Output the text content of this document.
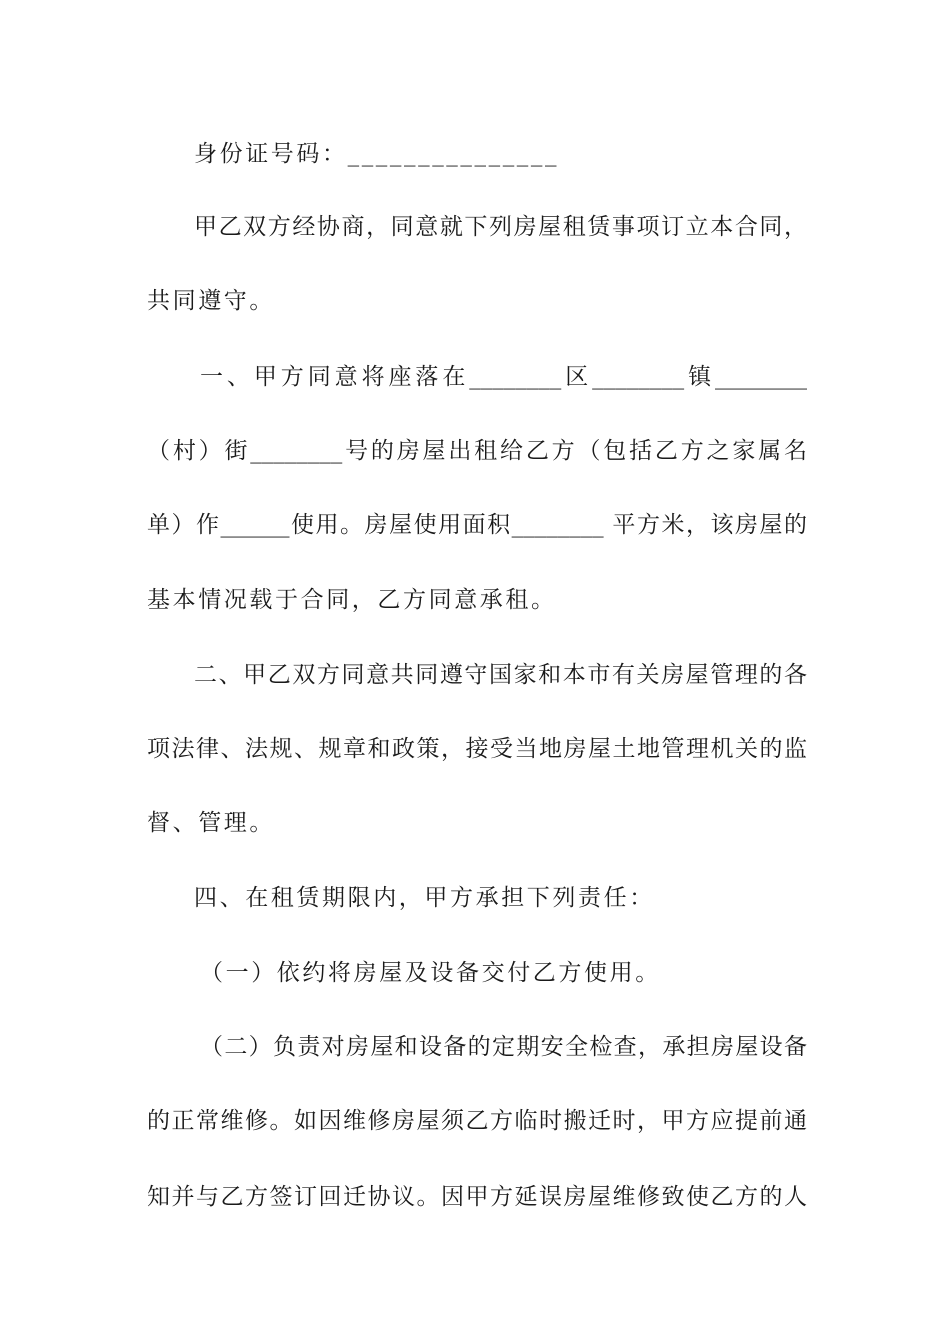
身份证号码：_______________
甲乙双方经协商，同意就下列房屋租赁事项订立本合同，
共同遵守。
一、甲方同意将座落在________区________镇________
（村）街________号的房屋出租给乙方（包括乙方之家属名
单）作______使用。房屋使用面积________ 平方米，该房屋的
基本情况载于合同，乙方同意承租。
二、甲乙双方同意共同遵守国家和本市有关房屋管理的各
项法律、法规、规章和政策，接受当地房屋土地管理机关的监
督、管理。
四、在租赁期限内，甲方承担下列责任：
（一）依约将房屋及设备交付乙方使用。
（二）负责对房屋和设备的定期安全检查，承担房屋设备
的正常维修。如因维修房屋须乙方临时搬迁时，甲方应提前通
知并与乙方签订回迁协议。因甲方延误房屋维修致使乙方的人
